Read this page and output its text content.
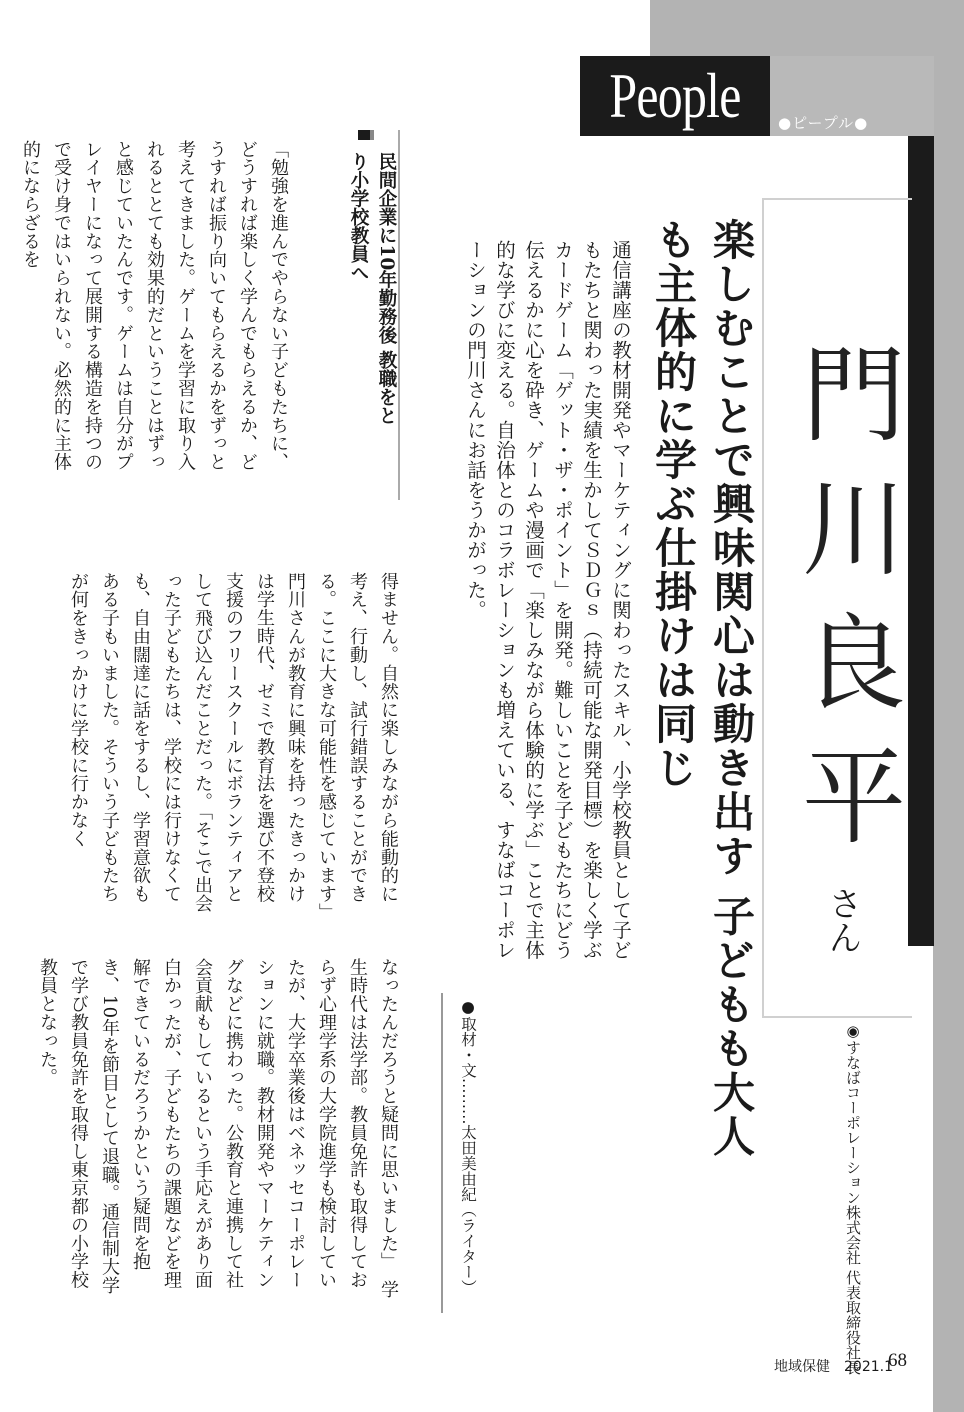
People	●ピープル●
門川良平
さん
◉すなばコーポレーション株式会社 代表取締役社長
楽しむことで興味関心は動き出す 子どもも大人も主体的に学ぶ仕掛けは同じ
通信講座の教材開発やマーケティングに関わったスキル、小学校教員として子どもたちと関わった実績を生かしてＳＤＧｓ（持続可能な開発目標）を楽しく学ぶカードゲーム「ゲット・ザ・ポイント」を開発。難しいことを子どもたちにどう伝えるかに心を砕き、ゲームや漫画で「楽しみながら体験的に学ぶ」ことで主体的な学びに変える。自治体とのコラボレーションも増えている、すなばコーポレーションの門川さんにお話をうかがった。
●取材・文………太田美由紀（ライター）
民間企業に10年勤務後 教職をとり小学校教員へ
「勉強を進んでやらない子どもたちに、どうすれば楽しく学んでもらえるか、どうすれば振り向いてもらえるかをずっと考えてきました。ゲームを学習に取り入れるととても効果的だということはずっと感じていたんです。ゲームは自分がプレイヤーになって展開する構造を持つので受け身ではいられない。必然的に主体的にならざるを
得ません。自然に楽しみながら能動的に考え、行動し、試行錯誤することができる。ここに大きな可能性を感じています」　門川さんが教育に興味を持ったきっかけは学生時代、ゼミで教育法を選び不登校支援のフリースクールにボランティアとして飛び込んだことだった。「そこで出会った子どもたちは、学校には行けなくても、自由闊達に話をするし、学習意欲もある子もいました。そういう子どもたちが何をきっかけに学校に行かなく
なったんだろうと疑問に思いました」　学生時代は法学部。教員免許も取得しておらず心理学系の大学院進学も検討していたが、大学卒業後はベネッセコーポレーションに就職。教材開発やマーケティングなどに携わった。公教育と連携して社会貢献もしているという手応えがあり面白かったが、子どもたちの課題などを理解できているだろうかという疑問を抱き、10年を節目として退職。通信制大学で学び教員免許を取得し東京都の小学校教員となった。
地域保健　2021.1
68
